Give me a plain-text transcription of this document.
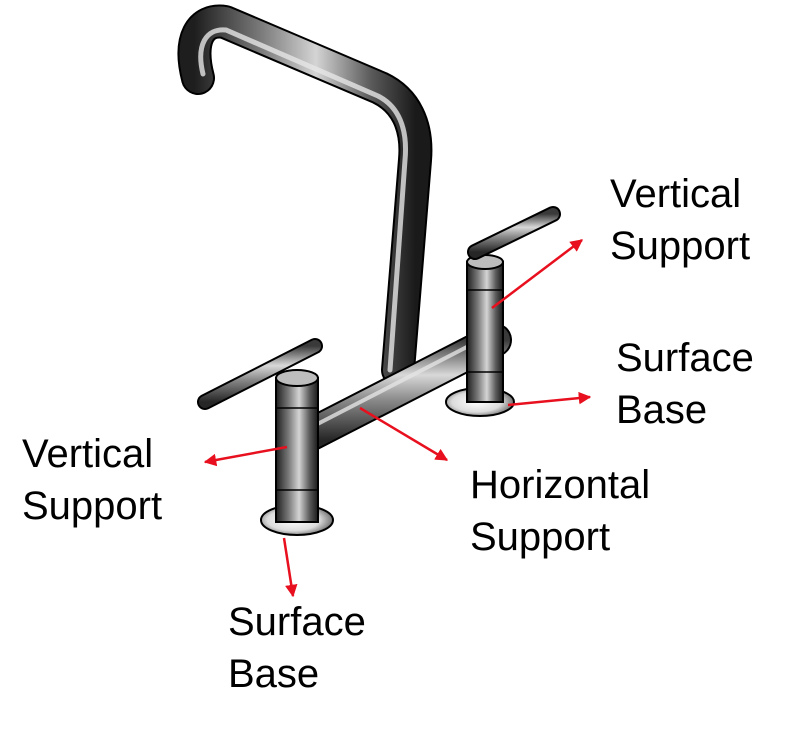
Vertical
Support
Surface
Base
Vertical
Support	Horizontal
Support
Surface
Base
